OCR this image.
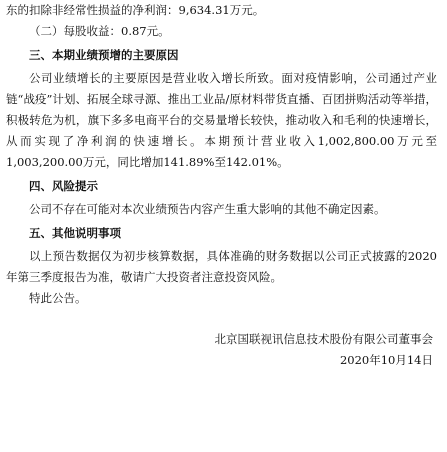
东的扣除非经常性损益的净利润：9,634.31万元。
（二）每股收益：0.87元。
三、本期业绩预增的主要原因

公司业绩增长的主要原因是营业收入增长所致。面对疫情影响，公司通过产业链“战疫”计划、拓展全球寻源、推出工业品/原材料带货直播、百团拼购活动等举措，积极转危为机，旗下多多电商平台的交易量增长较快，推动收入和毛利的快速增长，从而实现了净利润的快速增长。本期预计营业收入1,002,800.00万元至1,003,200.00万元，同比增加141.89%至142.01%。

四、风险提示

公司不存在可能对本次业绩预告内容产生重大影响的其他不确定因素。

五、其他说明事项

以上预告数据仅为初步核算数据，具体准确的财务数据以公司正式披露的2020年第三季度报告为准，敬请广大投资者注意投资风险。

特此公告。
北京国联视讯信息技术股份有限公司董事会
2020年10月14日
